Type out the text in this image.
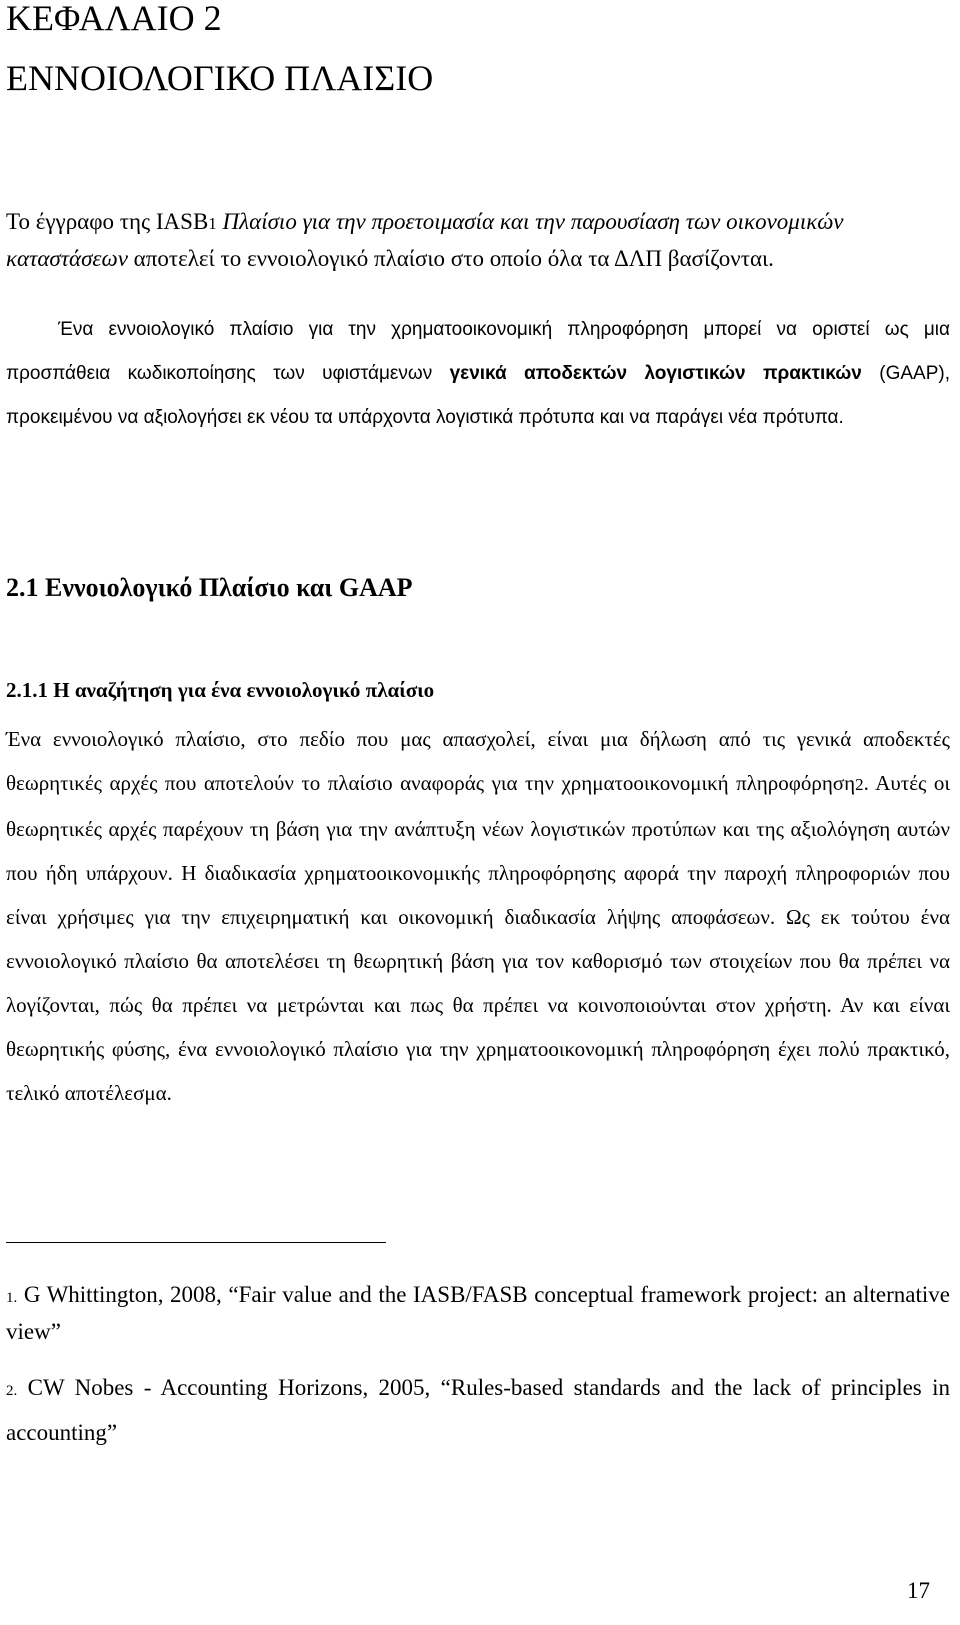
ΚΕΦΑΛΑΙΟ 2
ΕΝΝΟΙΟΛΟΓΙΚΟ ΠΛΑΙΣΙΟ

Το έγγραφο της IASB1 Πλαίσιο για την προετοιμασία και την παρουσίαση των οικονομικών καταστάσεων αποτελεί το εννοιολογικό πλαίσιο στο οποίο όλα τα ΔΛΠ βασίζονται.

Ένα εννοιολογικό πλαίσιο για την χρηματοοικονομική πληροφόρηση μπορεί να οριστεί ως μια προσπάθεια κωδικοποίησης των υφιστάμενων γενικά αποδεκτών λογιστικών πρακτικών (GAAP), προκειμένου να αξιολογήσει εκ νέου τα υπάρχοντα λογιστικά πρότυπα και να παράγει νέα πρότυπα.

2.1 Εννοιολογικό Πλαίσιο και GAAP
2.1.1 Η αναζήτηση για ένα εννοιολογικό πλαίσιο

Ένα εννοιολογικό πλαίσιο, στο πεδίο που μας απασχολεί, είναι μια δήλωση από τις γενικά αποδεκτές θεωρητικές αρχές που αποτελούν το πλαίσιο αναφοράς για την χρηματοοικονομική πληροφόρηση2. Αυτές οι θεωρητικές αρχές παρέχουν τη βάση για την ανάπτυξη νέων λογιστικών προτύπων και της αξιολόγηση αυτών που ήδη υπάρχουν. Η διαδικασία χρηματοοικονομικής πληροφόρησης αφορά την παροχή πληροφοριών που είναι χρήσιμες για την επιχειρηματική και οικονομική διαδικασία λήψης αποφάσεων. Ως εκ τούτου ένα εννοιολογικό πλαίσιο θα αποτελέσει τη θεωρητική βάση για τον καθορισμό των στοιχείων που θα πρέπει να λογίζονται, πώς θα πρέπει να μετρώνται και πως θα πρέπει να κοινοποιούνται στον χρήστη. Αν και είναι θεωρητικής φύσης, ένα εννοιολογικό πλαίσιο για την χρηματοοικονομική πληροφόρηση έχει πολύ πρακτικό, τελικό αποτέλεσμα.

1. G Whittington, 2008, “Fair value and the IASB/FASB conceptual framework project: an alternative view”

2. CW Nobes - Accounting Horizons, 2005, “Rules-based standards and the lack of principles in accounting”

17
